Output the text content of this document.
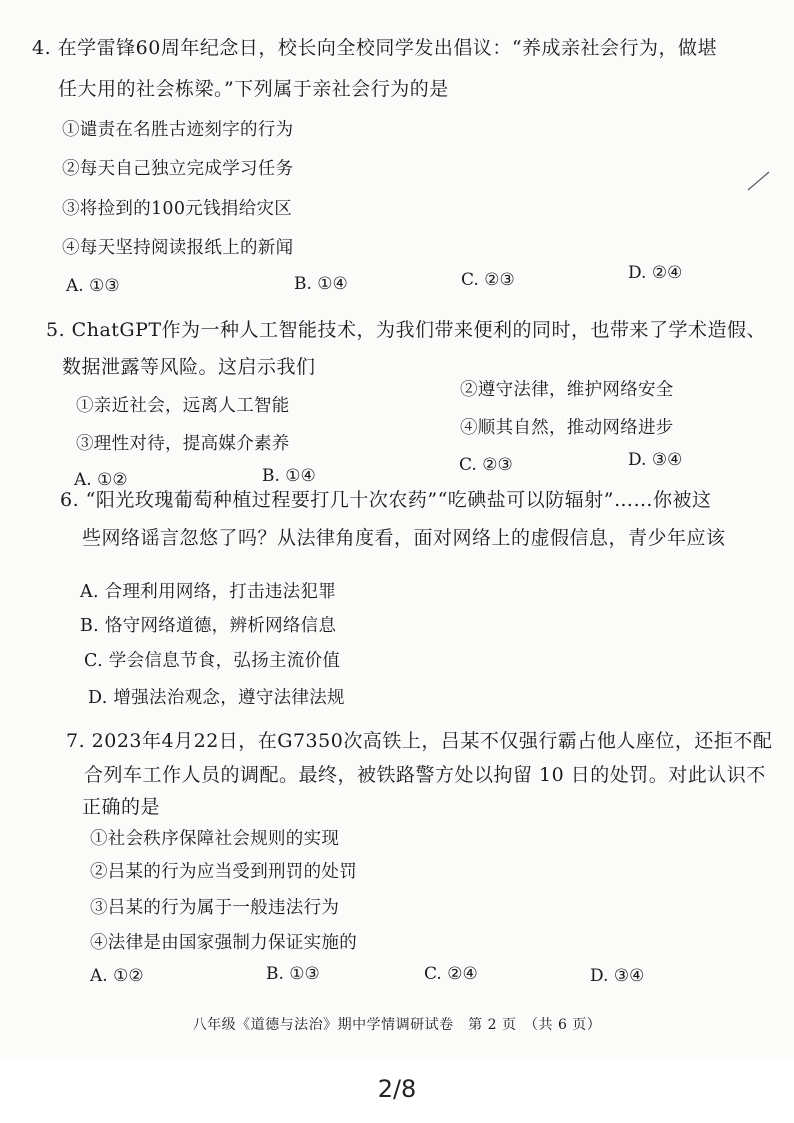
4. 在学雷锋60周年纪念日，校长向全校同学发出倡议：“养成亲社会行为，做堪
任大用的社会栋梁。”下列属于亲社会行为的是
①谴责在名胜古迹刻字的行为
②每天自己独立完成学习任务
③将捡到的100元钱捐给灾区
④每天坚持阅读报纸上的新闻
A. ①③	B. ①④	C. ②③	D. ②④
5. ChatGPT作为一种人工智能技术，为我们带来便利的同时，也带来了学术造假、
数据泄露等风险。这启示我们
①亲近社会，远离人工智能
②遵守法律，维护网络安全
③理性对待，提高媒介素养
④顺其自然，推动网络进步
A. ①②	B. ①④
C. ②③	D. ③④
6. “阳光玫瑰葡萄种植过程要打几十次农药”“吃碘盐可以防辐射”……你被这
些网络谣言忽悠了吗？从法律角度看，面对网络上的虚假信息，青少年应该
A. 合理利用网络，打击违法犯罪
B. 恪守网络道德，辨析网络信息
C. 学会信息节食，弘扬主流价值
D. 增强法治观念，遵守法律法规
7. 2023年4月22日，在G7350次高铁上，吕某不仅强行霸占他人座位，还拒不配
合列车工作人员的调配。最终，被铁路警方处以拘留 10 日的处罚。对此认识不
正确的是
①社会秩序保障社会规则的实现
②吕某的行为应当受到刑罚的处罚
③吕某的行为属于一般违法行为
④法律是由国家强制力保证实施的
A. ①②	B. ①③	C. ②④	D. ③④
八年级《道德与法治》期中学情调研试卷　第 2 页　（共 6 页）
2/8
